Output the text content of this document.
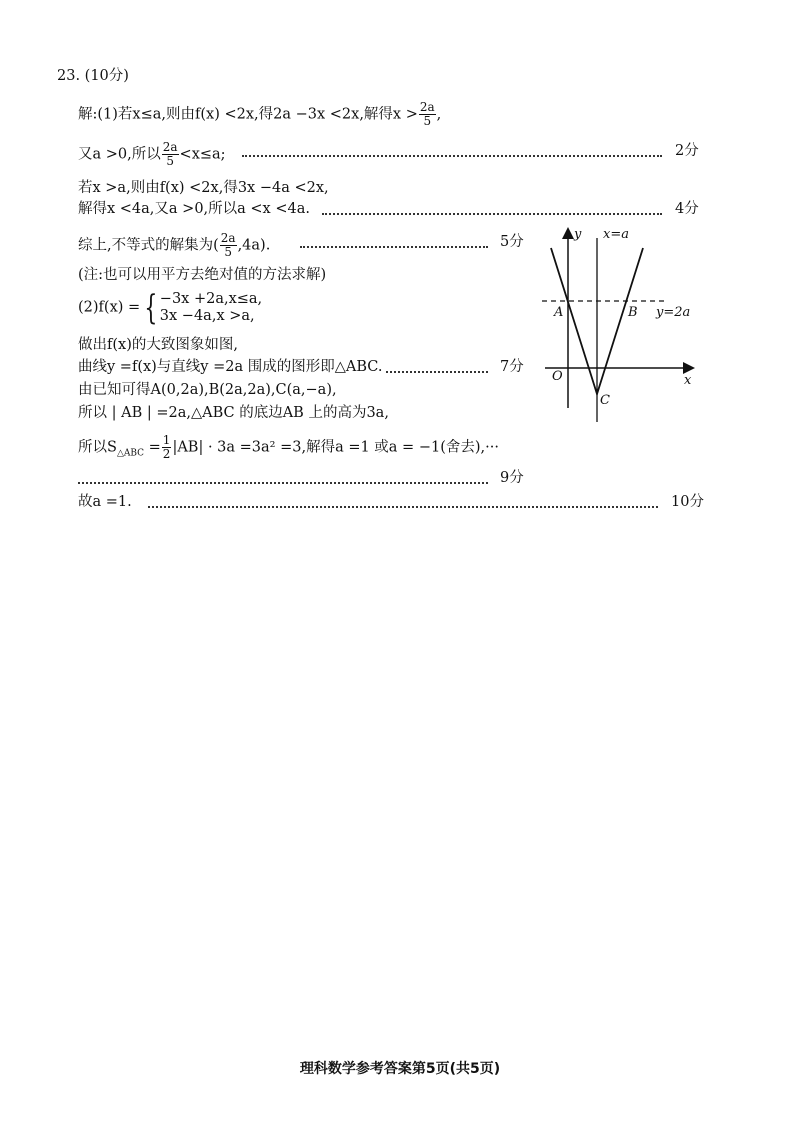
23. (10分)
解:(1)若x≤a,则由f(x) <2x,得2a −3x <2x,解得$x > \frac{2a}{5}$ ,
又a >0,所以 $\frac{2a}{5} <x\le a$;	2分
若x >a,则由f(x) <2x,得3x −4a <2x,
解得x <4a,又a >0,所以a <x <4a.	4分
综上,不等式的解集为( $\frac{2a}{5} ,4a$).	5分
(注:也可以用平方去绝对值的方法求解)
(2)f(x) = { −3x +2a,x≤a,
3x −4a,x >a,
做出f(x)的大致图象如图,
曲线y =f(x)与直线y =2a 围成的图形即△ABC.	7分
由已知可得A(0,2a),B(2a,2a),C(a,−a),
所以 | AB | =2a,△ABC 的底边AB 上的高为3a,
所以$S_{\triangle ABC} = \frac{1}{2} |AB| \cdot 3a =3a^2 =3$,解得a =1 或a = −1(舍去),···
9分
故a =1.	10分
y x=a
y=2a
A	B
C
O	x
理科数学参考答案第5页(共5页)
